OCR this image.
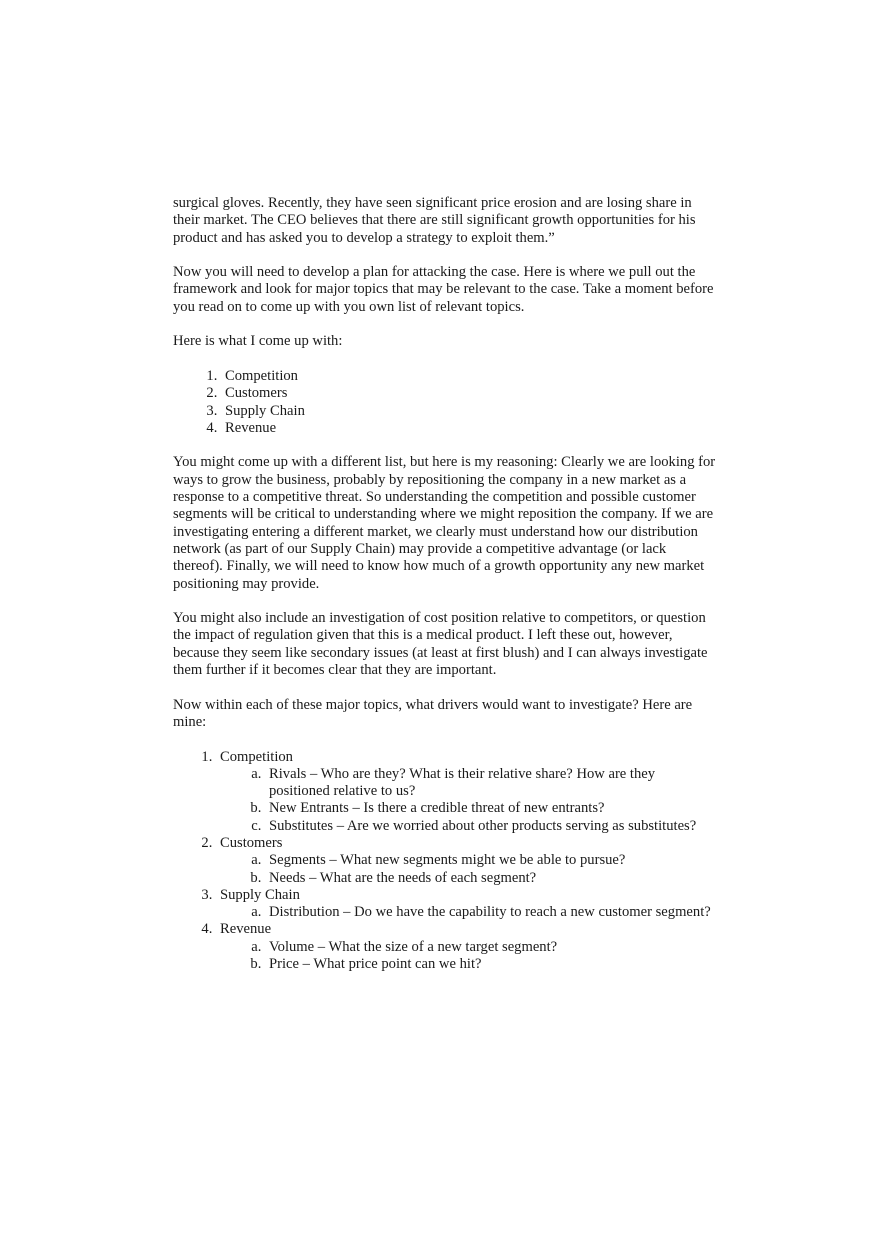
surgical gloves. Recently, they have seen significant price erosion and are losing share in their market. The CEO believes that there are still significant growth opportunities for his product and has asked you to develop a strategy to exploit them.”

Now you will need to develop a plan for attacking the case. Here is where we pull out the framework and look for major topics that may be relevant to the case. Take a moment before you read on to come up with you own list of relevant topics.

Here is what I come up with:

1. Competition
2. Customers
3. Supply Chain
4. Revenue

You might come up with a different list, but here is my reasoning: Clearly we are looking for ways to grow the business, probably by repositioning the company in a new market as a response to a competitive threat. So understanding the competition and possible customer segments will be critical to understanding where we might reposition the company. If we are investigating entering a different market, we clearly must understand how our distribution network (as part of our Supply Chain) may provide a competitive advantage (or lack thereof). Finally, we will need to know how much of a growth opportunity any new market positioning may provide.

You might also include an investigation of cost position relative to competitors, or question the impact of regulation given that this is a medical product. I left these out, however, because they seem like secondary issues (at least at first blush) and I can always investigate them further if it becomes clear that they are important.

Now within each of these major topics, what drivers would want to investigate? Here are mine:

1. Competition
a. Rivals – Who are they? What is their relative share? How are they positioned relative to us?
b. New Entrants – Is there a credible threat of new entrants?
c. Substitutes – Are we worried about other products serving as substitutes?
2. Customers
a. Segments – What new segments might we be able to pursue?
b. Needs – What are the needs of each segment?
3. Supply Chain
a. Distribution – Do we have the capability to reach a new customer segment?
4. Revenue
a. Volume – What the size of a new target segment?
b. Price – What price point can we hit?
